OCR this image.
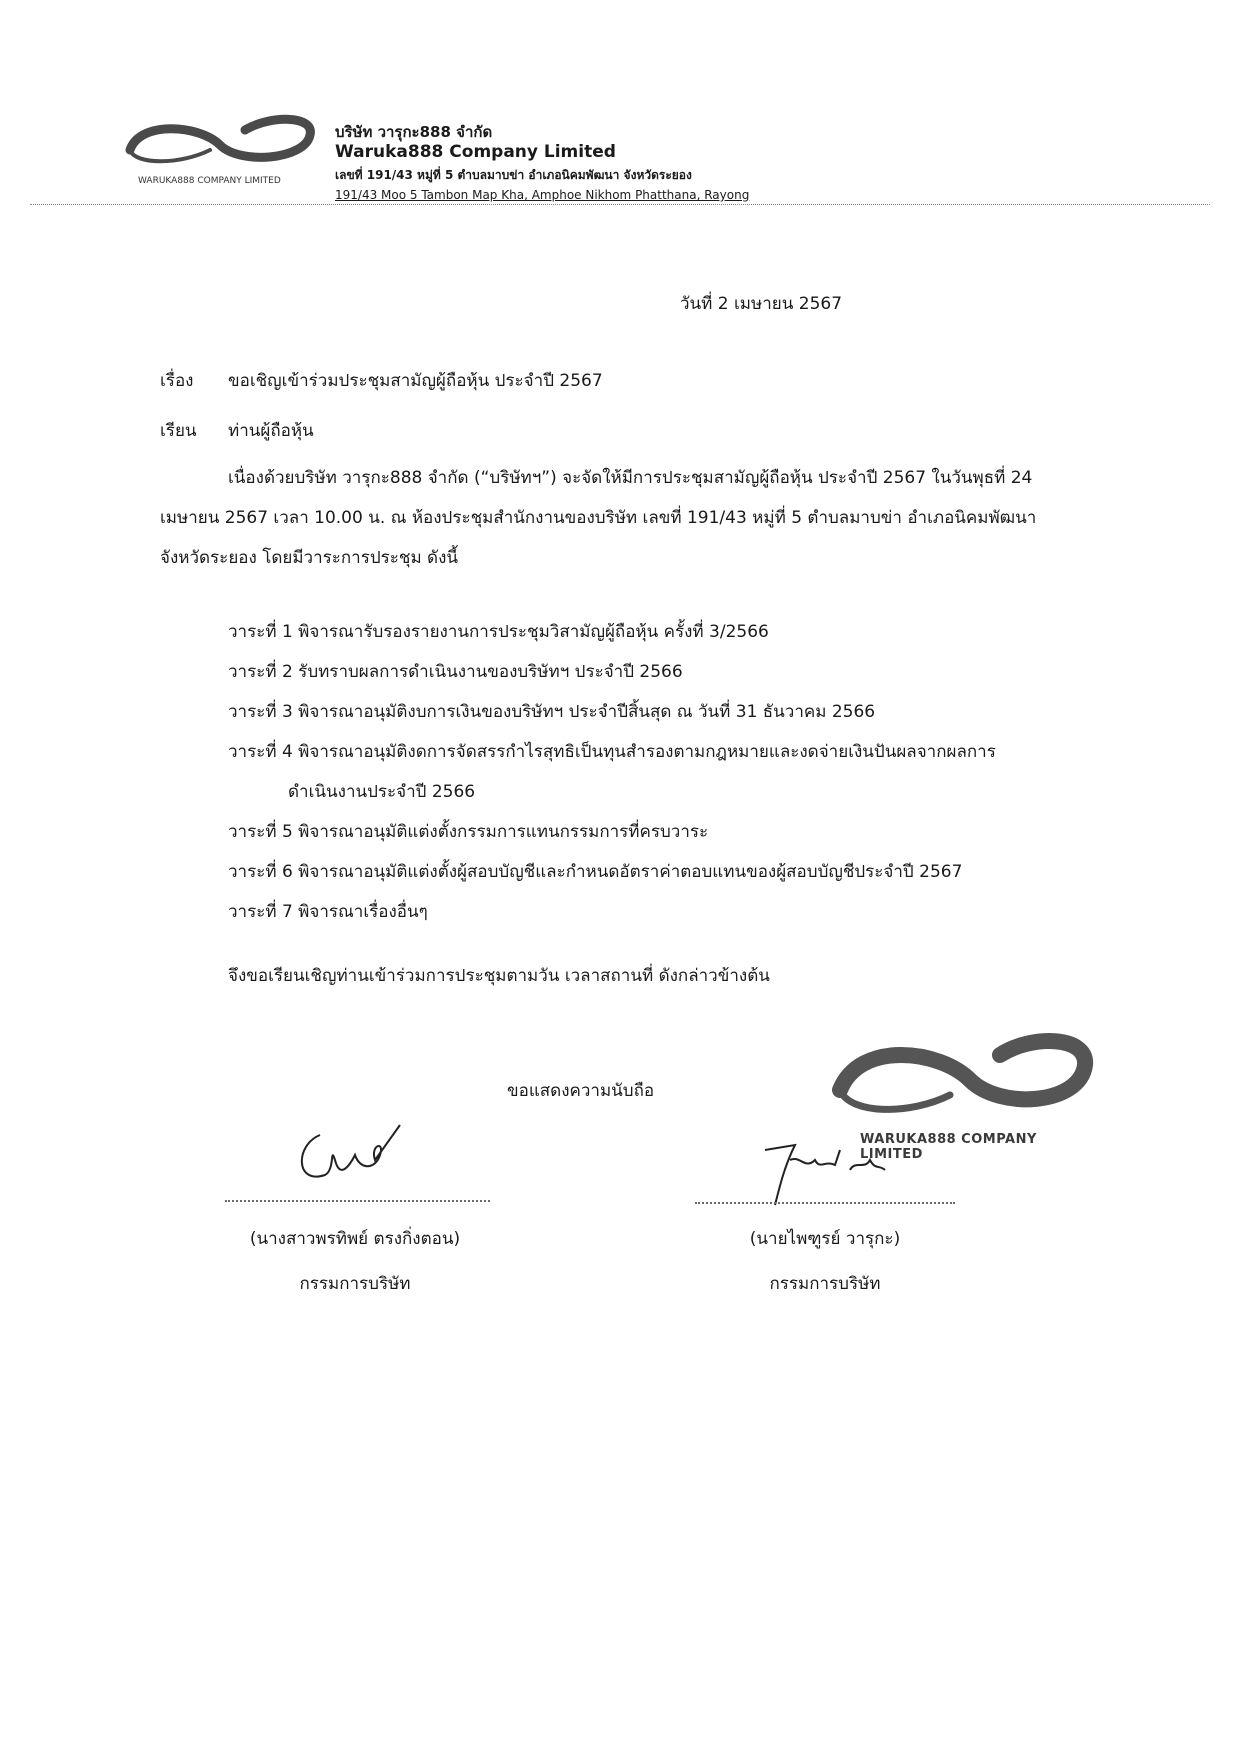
WARUKA888 COMPANY LIMITED
บริษัท วารุกะ888 จำกัด
Waruka888 Company Limited
เลขที่ 191/43 หมู่ที่ 5 ตำบลมาบข่า อำเภอนิคมพัฒนา จังหวัดระยอง
191/43 Moo 5 Tambon Map Kha, Amphoe Nikhom Phatthana, Rayong
วันที่ 2 เมษายน 2567
เรื่อง ขอเชิญเข้าร่วมประชุมสามัญผู้ถือหุ้น ประจำปี 2567
เรียน ท่านผู้ถือหุ้น
เนื่องด้วยบริษัท วารุกะ888 จำกัด (“บริษัทฯ”) จะจัดให้มีการประชุมสามัญผู้ถือหุ้น ประจำปี 2567 ในวันพุธที่ 24
เมษายน 2567 เวลา 10.00 น. ณ ห้องประชุมสำนักงานของบริษัท เลขที่ 191/43 หมู่ที่ 5 ตำบลมาบข่า อำเภอนิคมพัฒนา
จังหวัดระยอง โดยมีวาระการประชุม ดังนี้
วาระที่ 1 พิจารณารับรองรายงานการประชุมวิสามัญผู้ถือหุ้น ครั้งที่ 3/2566
วาระที่ 2 รับทราบผลการดำเนินงานของบริษัทฯ ประจำปี 2566
วาระที่ 3 พิจารณาอนุมัติงบการเงินของบริษัทฯ ประจำปีสิ้นสุด ณ วันที่ 31 ธันวาคม 2566
วาระที่ 4 พิจารณาอนุมัติงดการจัดสรรกำไรสุทธิเป็นทุนสำรองตามกฎหมายและงดจ่ายเงินปันผลจากผลการ
ดำเนินงานประจำปี 2566
วาระที่ 5 พิจารณาอนุมัติแต่งตั้งกรรมการแทนกรรมการที่ครบวาระ
วาระที่ 6 พิจารณาอนุมัติแต่งตั้งผู้สอบบัญชีและกำหนดอัตราค่าตอบแทนของผู้สอบบัญชีประจำปี 2567
วาระที่ 7 พิจารณาเรื่องอื่นๆ
จึงขอเรียนเชิญท่านเข้าร่วมการประชุมตามวัน เวลาสถานที่ ดังกล่าวข้างต้น
ขอแสดงความนับถือ
WARUKA888 COMPANY LIMITED
(นางสาวพรทิพย์ ตรงกิ่งตอน)
กรรมการบริษัท
(นายไพฑูรย์ วารุกะ)
กรรมการบริษัท
